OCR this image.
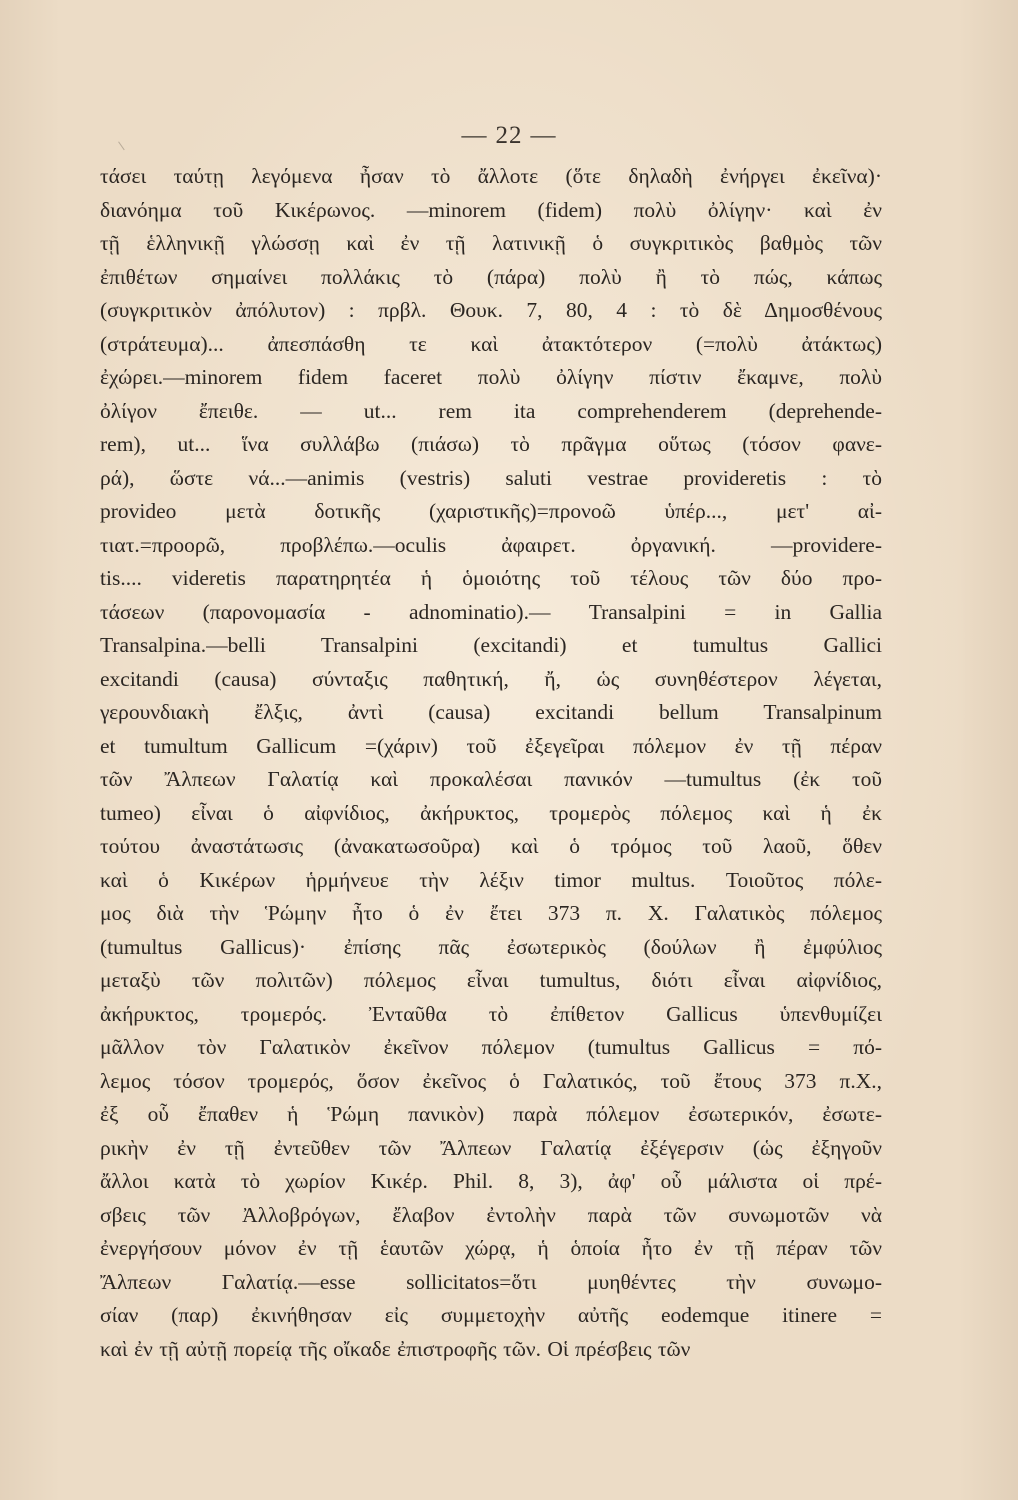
— 22 —
τάσει ταύτῃ λεγόμενα ἦσαν τὸ ἄλλοτε (ὅτε δηλαδὴ ἐνήργει ἐκεῖνα)·
διανόημα τοῦ Κικέρωνος. —minorem (fidem) πολὺ ὀλίγην· καὶ ἐν
τῇ ἑλληνικῇ γλώσσῃ καὶ ἐν τῇ λατινικῇ ὁ συγκριτικὸς βαθμὸς τῶν
ἐπιθέτων σημαίνει πολλάκις τὸ (πάρα) πολὺ ἢ τὸ πώς, κάπως
(συγκριτικὸν ἀπόλυτον) : πρβλ. Θουκ. 7, 80, 4 : τὸ δὲ Δημοσθένους
(στράτευμα)... ἀπεσπάσθη τε καὶ ἀτακτότερον (=πολὺ ἀτάκτως)
ἐχώρει.—minorem fidem faceret πολὺ ὀλίγην πίστιν ἔκαμνε, πολὺ
ὀλίγον ἔπειθε. — ut... rem ita comprehenderem (deprehende-
rem), ut... ἵνα συλλάβω (πιάσω) τὸ πρᾶγμα οὕτως (τόσον φανε-
ρά), ὥστε νά...—animis (vestris) saluti vestrae provideretis : τὸ
provideo μετὰ δοτικῆς (χαριστικῆς)=προνοῶ ὑπέρ..., μετ' αἰ-
τιατ.=προορῶ, προβλέπω.—oculis ἀφαιρετ. ὀργανική. —providere-
tis.... videretis παρατηρητέα ἡ ὁμοιότης τοῦ τέλους τῶν δύο προ-
τάσεων (παρονομασία - adnominatio).— Transalpini = in Gallia
Transalpina.—belli Transalpini (excitandi) et tumultus Gallici
excitandi (causa) σύνταξις παθητική, ἤ, ὡς συνηθέστερον λέγεται,
γερουνδιακὴ ἔλξις, ἀντὶ (causa) excitandi bellum Transalpinum
et tumultum Gallicum =(χάριν) τοῦ ἐξεγεῖραι πόλεμον ἐν τῇ πέραν
τῶν Ἄλπεων Γαλατίᾳ καὶ προκαλέσαι πανικόν —tumultus (ἐκ τοῦ
tumeo) εἶναι ὁ αἰφνίδιος, ἀκήρυκτος, τρομερὸς πόλεμος καὶ ἡ ἐκ
τούτου ἀναστάτωσις (ἀνακατωσοῦρα) καὶ ὁ τρόμος τοῦ λαοῦ, ὅθεν
καὶ ὁ Κικέρων ἡρμήνευε τὴν λέξιν timor multus. Τοιοῦτος πόλε-
μος διὰ τὴν Ῥώμην ἦτο ὁ ἐν ἔτει 373 π. Χ. Γαλατικὸς πόλεμος
(tumultus Gallicus)· ἐπίσης πᾶς ἐσωτερικὸς (δούλων ἢ ἐμφύλιος
μεταξὺ τῶν πολιτῶν) πόλεμος εἶναι tumultus, διότι εἶναι αἰφνίδιος,
ἀκήρυκτος, τρομερός. Ἐνταῦθα τὸ ἐπίθετον Gallicus ὑπενθυμίζει
μᾶλλον τὸν Γαλατικὸν ἐκεῖνον πόλεμον (tumultus Gallicus = πό-
λεμος τόσον τρομερός, ὅσον ἐκεῖνος ὁ Γαλατικός, τοῦ ἔτους 373 π.Χ.,
ἐξ οὗ ἔπαθεν ἡ Ῥώμη πανικὸν) παρὰ πόλεμον ἐσωτερικόν, ἐσωτε-
ρικὴν ἐν τῇ ἐντεῦθεν τῶν Ἄλπεων Γαλατίᾳ ἐξέγερσιν (ὡς ἐξηγοῦν
ἄλλοι κατὰ τὸ χωρίον Κικέρ. Phil. 8, 3), ἀφ' οὗ μάλιστα οἱ πρέ-
σβεις τῶν Ἀλλοβρόγων, ἔλαβον ἐντολὴν παρὰ τῶν συνωμοτῶν νὰ
ἐνεργήσουν μόνον ἐν τῇ ἑαυτῶν χώρᾳ, ἡ ὁποία ἦτο ἐν τῇ πέραν τῶν
Ἄλπεων Γαλατίᾳ.—esse sollicitatos=ὅτι μυηθέντες τὴν συνωμο-
σίαν (παρ) ἐκινήθησαν εἰς συμμετοχὴν αὐτῆς eodemque itinere =
καὶ ἐν τῇ αὐτῇ πορείᾳ τῆς οἴκαδε ἐπιστροφῆς τῶν. Οἱ πρέσβεις τῶν
